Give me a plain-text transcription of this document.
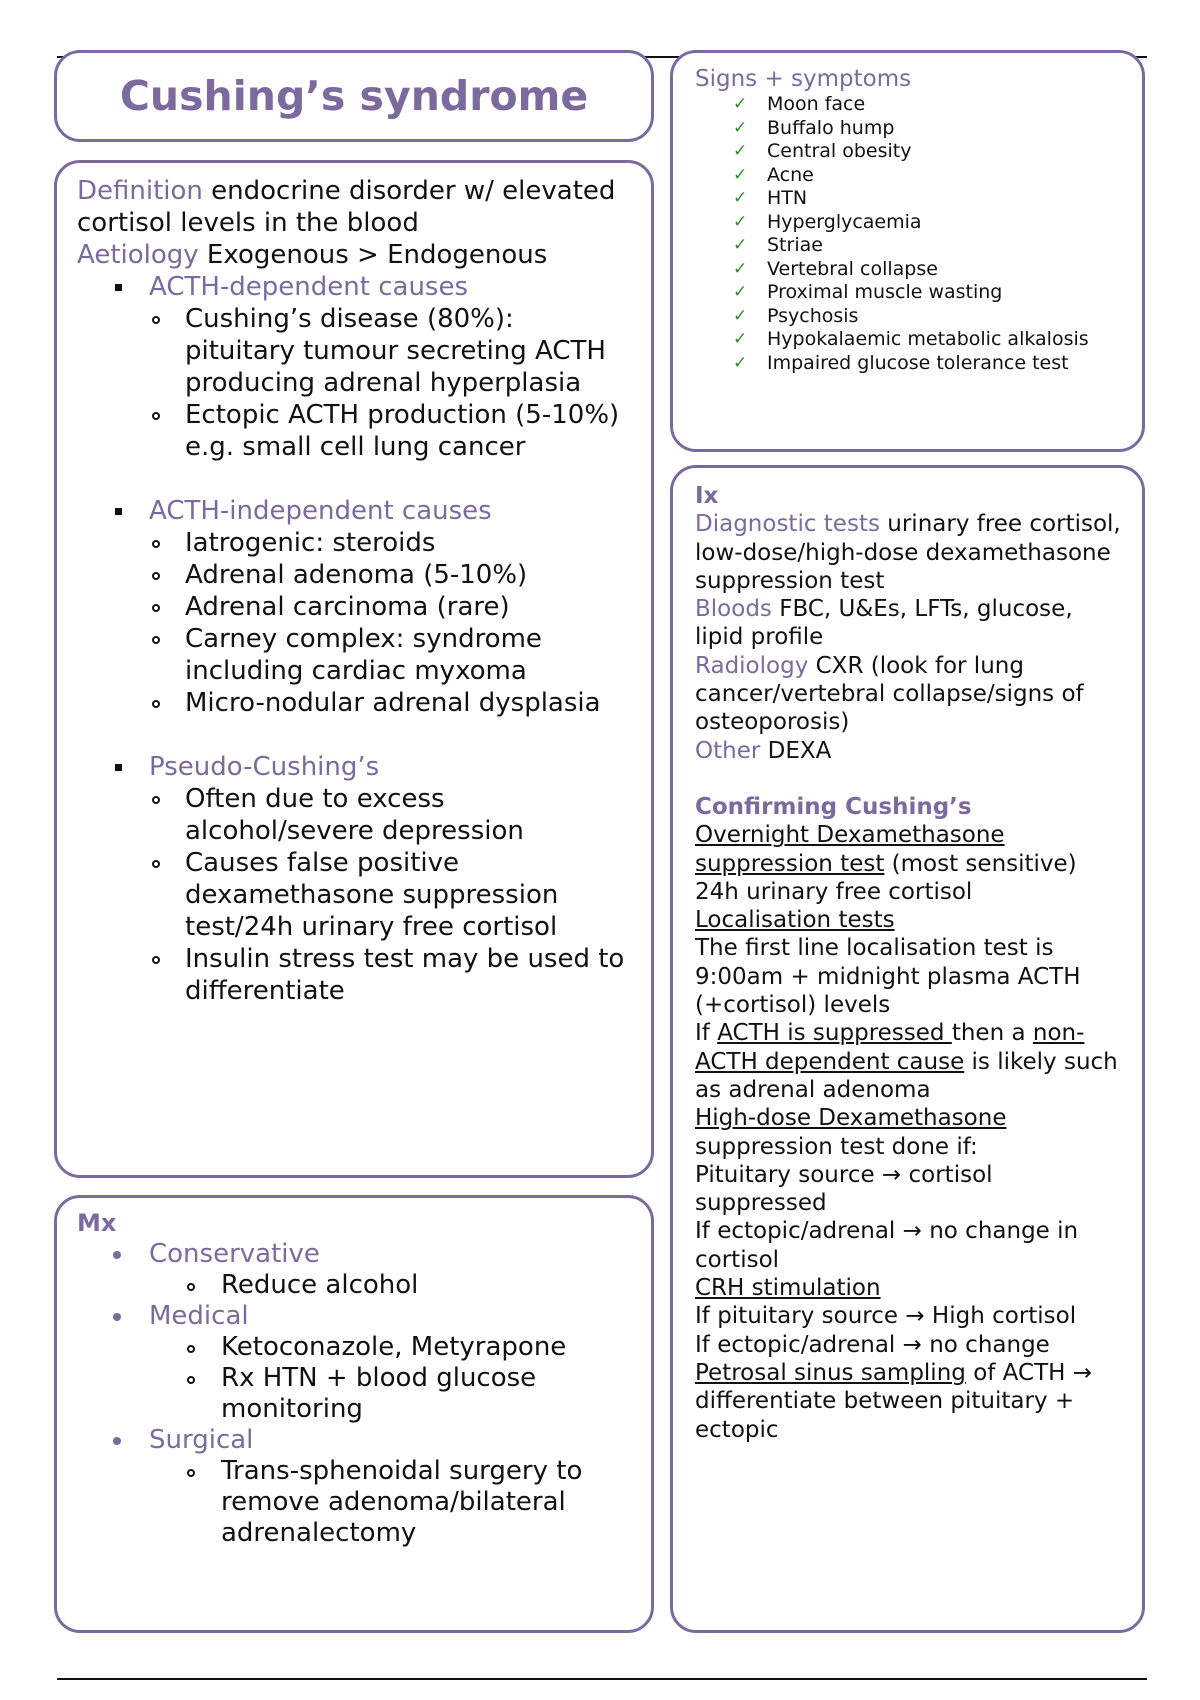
Cushing’s syndrome

Definition endocrine disorder w/ elevated cortisol levels in the blood

Aetiology Exogenous > Endogenous

ACTH-dependent causes
Cushing’s disease (80%): pituitary tumour secreting ACTH producing adrenal hyperplasia
Ectopic ACTH production (5-10%) e.g. small cell lung cancer
ACTH-independent causes
Iatrogenic: steroids
Adrenal adenoma (5-10%)
Adrenal carcinoma (rare)
Carney complex: syndrome including cardiac myxoma
Micro-nodular adrenal dysplasia
Pseudo-Cushing’s
Often due to excess alcohol/severe depression
Causes false positive dexamethasone suppression test/24h urinary free cortisol
Insulin stress test may be used to differentiate
Mx
Conservative
Reduce alcohol
Medical
Ketoconazole, Metyrapone
Rx HTN + blood glucose monitoring
Surgical
Trans-sphenoidal surgery to remove adenoma/bilateral adrenalectomy
Signs + symptoms
✓ Moon face
✓ Buffalo hump
✓ Central obesity
✓ Acne
✓ HTN
✓ Hyperglycaemia
✓ Striae
✓ Vertebral collapse
✓ Proximal muscle wasting
✓ Psychosis
✓ Hypokalaemic metabolic alkalosis
✓ Impaired glucose tolerance test

Ix

Diagnostic tests urinary free cortisol, low-dose/high-dose dexamethasone suppression test

Bloods FBC, U&Es, LFTs, glucose, lipid profile

Radiology CXR (look for lung cancer/vertebral collapse/signs of osteoporosis)

Other DEXA

Confirming Cushing’s

Overnight Dexamethasone suppression test (most sensitive)

24h urinary free cortisol

Localisation tests

The first line localisation test is 9:00am + midnight plasma ACTH (+cortisol) levels

If ACTH is suppressed then a non-ACTH dependent cause is likely such as adrenal adenoma

High-dose Dexamethasone

suppression test done if:

Pituitary source → cortisol suppressed

If ectopic/adrenal → no change in cortisol

CRH stimulation

If pituitary source → High cortisol

If ectopic/adrenal → no change

Petrosal sinus sampling of ACTH → differentiate between pituitary + ectopic
